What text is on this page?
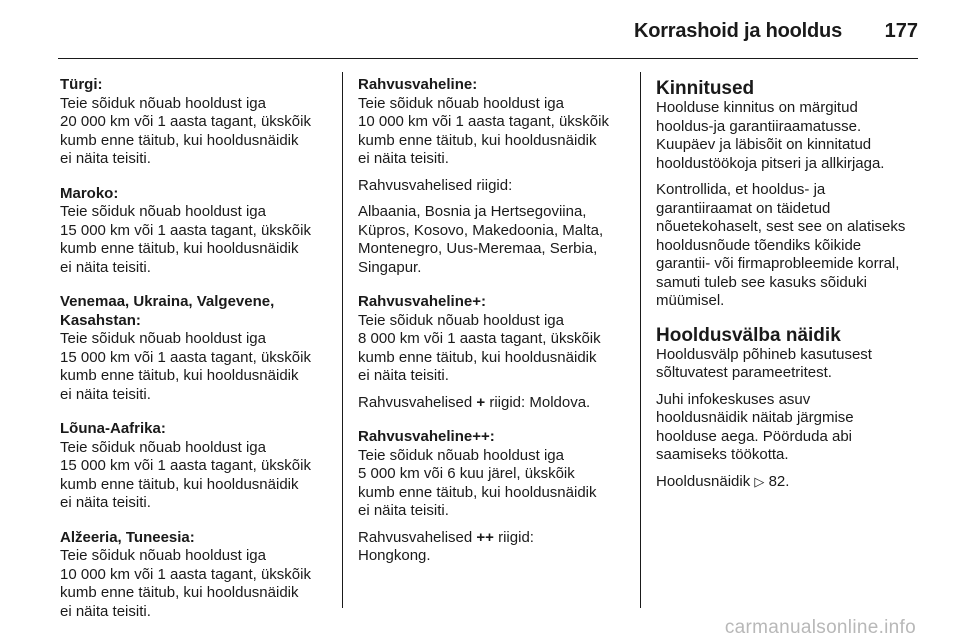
Korrashoid ja hooldus 177
Türgi:
Teie sõiduk nõuab hooldust iga
20 000 km või 1 aasta tagant, ükskõik
kumb enne täitub, kui hooldusnäidik
ei näita teisiti.
Maroko:
Teie sõiduk nõuab hooldust iga
15 000 km või 1 aasta tagant, ükskõik
kumb enne täitub, kui hooldusnäidik
ei näita teisiti.
Venemaa, Ukraina, Valgevene,
Kasahstan:
Teie sõiduk nõuab hooldust iga
15 000 km või 1 aasta tagant, ükskõik
kumb enne täitub, kui hooldusnäidik
ei näita teisiti.
Lõuna-Aafrika:
Teie sõiduk nõuab hooldust iga
15 000 km või 1 aasta tagant, ükskõik
kumb enne täitub, kui hooldusnäidik
ei näita teisiti.
Alžeeria, Tuneesia:
Teie sõiduk nõuab hooldust iga
10 000 km või 1 aasta tagant, ükskõik
kumb enne täitub, kui hooldusnäidik
ei näita teisiti.
Rahvusvaheline:
Teie sõiduk nõuab hooldust iga
10 000 km või 1 aasta tagant, ükskõik
kumb enne täitub, kui hooldusnäidik
ei näita teisiti.
Rahvusvahelised riigid:
Albaania, Bosnia ja Hertsegoviina,
Küpros, Kosovo, Makedoonia, Malta,
Montenegro, Uus-Meremaa, Serbia,
Singapur.
Rahvusvaheline+:
Teie sõiduk nõuab hooldust iga
8 000 km või 1 aasta tagant, ükskõik
kumb enne täitub, kui hooldusnäidik
ei näita teisiti.
Rahvusvahelised + riigid: Moldova.
Rahvusvaheline++:
Teie sõiduk nõuab hooldust iga
5 000 km või 6 kuu järel, ükskõik
kumb enne täitub, kui hooldusnäidik
ei näita teisiti.
Rahvusvahelised ++ riigid:
Hongkong.
Kinnitused
Hoolduse kinnitus on märgitud
hooldus-ja garantiiraamatusse.
Kuupäev ja läbisõit on kinnitatud
hooldustöökoja pitseri ja allkirjaga.
Kontrollida, et hooldus- ja
garantiiraamat on täidetud
nõuetekohaselt, sest see on alatiseks
hooldusnõude tõendiks kõikide
garantii- või firmaprobleemide korral,
samuti tuleb see kasuks sõiduki
müümisel.
Hooldusvälba näidik
Hooldusvälp põhineb kasutusest
sõltuvatest parameetritest.
Juhi infokeskuses asuv
hooldusnäidik näitab järgmise
hoolduse aega. Pöörduda abi
saamiseks töökotta.
Hooldusnäidik ▷ 82.
carmanualsonline.info
